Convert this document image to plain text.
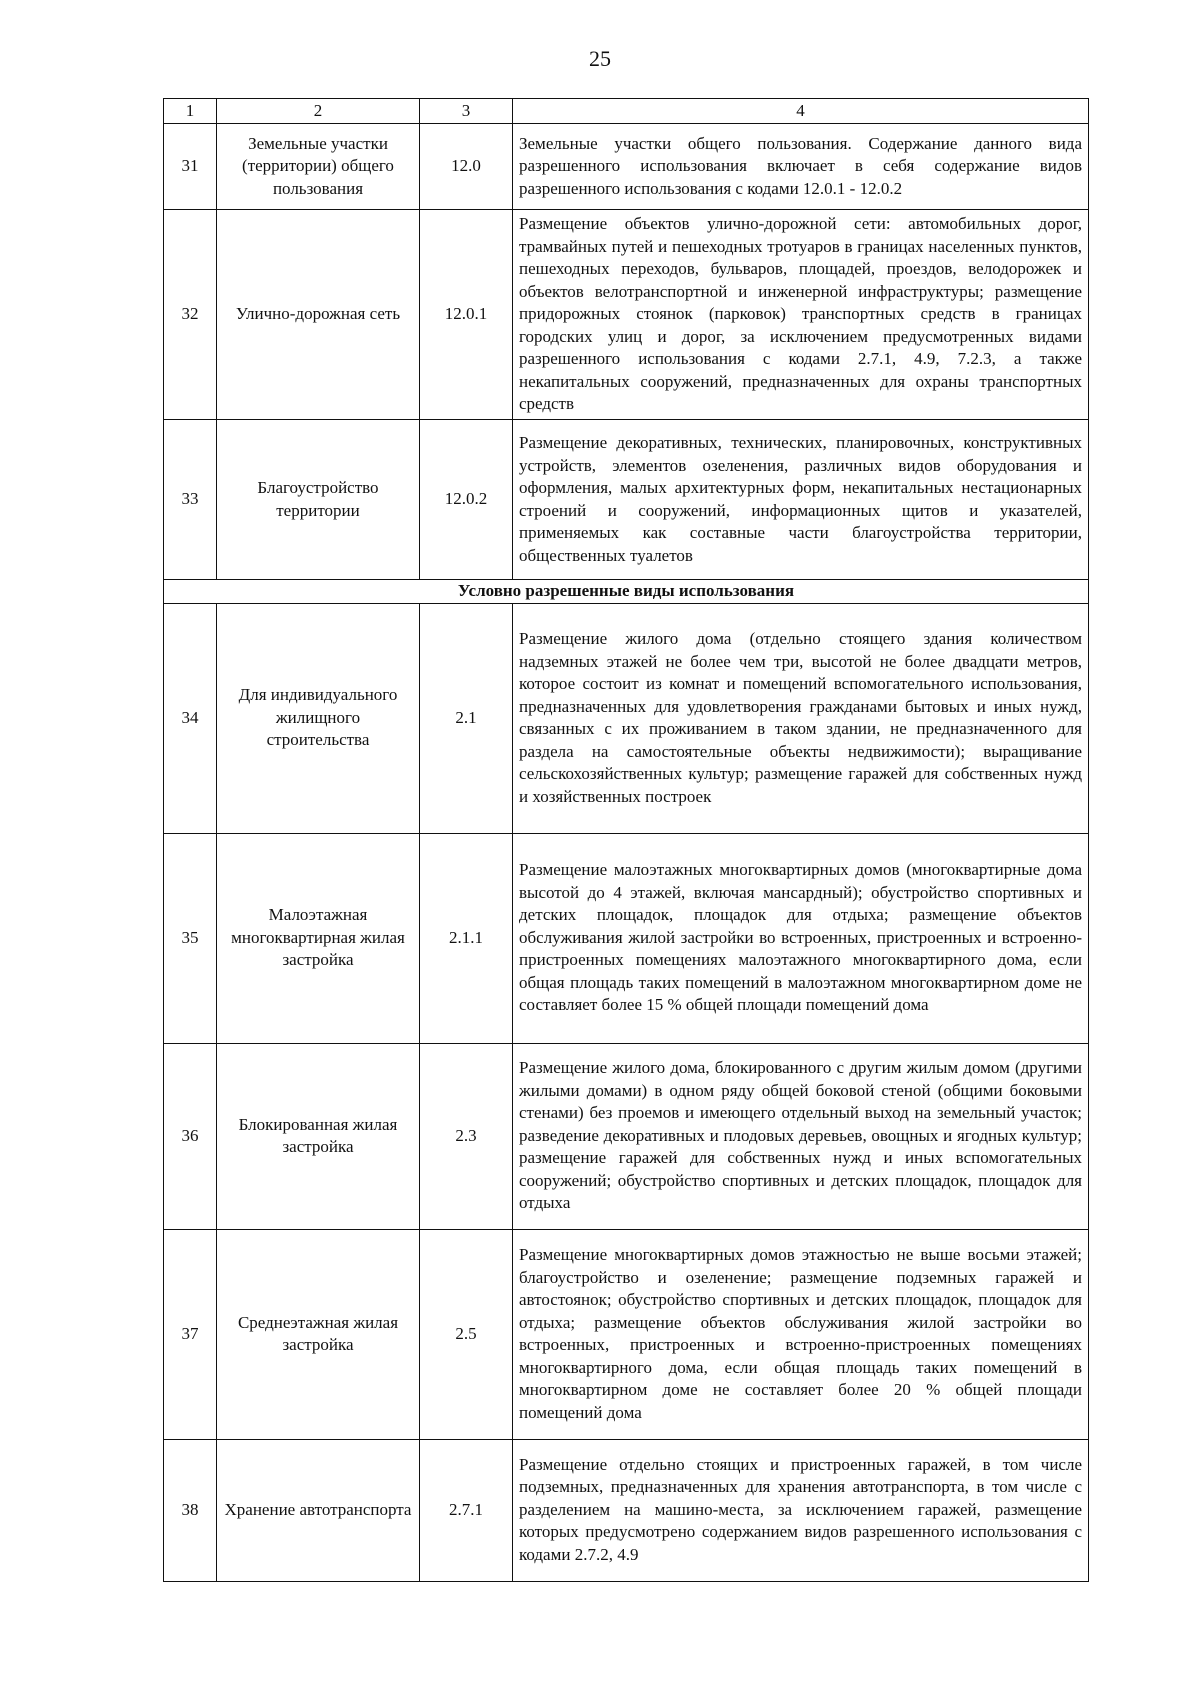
25
1	2	3	4
31	Земельные участки (территории) общего пользования	12.0	Земельные участки общего пользования. Содержание данного вида разрешенного использования включает в себя содержание видов разрешенного использования с кодами 12.0.1 - 12.0.2
32	Улично-дорожная сеть	12.0.1	Размещение объектов улично-дорожной сети: автомобильных дорог, трамвайных путей и пешеходных тротуаров в границах населенных пунктов, пешеходных переходов, бульваров, площадей, проездов, велодорожек и объектов велотранспортной и инженерной инфраструктуры; размещение придорожных стоянок (парковок) транспортных средств в границах городских улиц и дорог, за исключением предусмотренных видами разрешенного использования с кодами 2.7.1, 4.9, 7.2.3, а также некапитальных сооружений, предназначенных для охраны транспортных средств
33	Благоустройство территории	12.0.2	Размещение декоративных, технических, планировочных, конструктивных устройств, элементов озеленения, различных видов оборудования и оформления, малых архитектурных форм, некапитальных нестационарных строений и сооружений, информационных щитов и указателей, применяемых как составные части благоустройства территории, общественных туалетов
Условно разрешенные виды использования			
34	Для индивидуального жилищного строительства	2.1	Размещение жилого дома (отдельно стоящего здания количеством надземных этажей не более чем три, высотой не более двадцати метров, которое состоит из комнат и помещений вспомогательного использования, предназначенных для удовлетворения гражданами бытовых и иных нужд, связанных с их проживанием в таком здании, не предназначенного для раздела на самостоятельные объекты недвижимости); выращивание сельскохозяйственных культур; размещение гаражей для собственных нужд и хозяйственных построек
35	Малоэтажная многоквартирная жилая застройка	2.1.1	Размещение малоэтажных многоквартирных домов (многоквартирные дома высотой до 4 этажей, включая мансардный); обустройство спортивных и детских площадок, площадок для отдыха; размещение объектов обслуживания жилой застройки во встроенных, пристроенных и встроенно-пристроенных помещениях малоэтажного многоквартирного дома, если общая площадь таких помещений в малоэтажном многоквартирном доме не составляет более 15 % общей площади помещений дома
36	Блокированная жилая застройка	2.3	Размещение жилого дома, блокированного с другим жилым домом (другими жилыми домами) в одном ряду общей боковой стеной (общими боковыми стенами) без проемов и имеющего отдельный выход на земельный участок; разведение декоративных и плодовых деревьев, овощных и ягодных культур; размещение гаражей для собственных нужд и иных вспомогательных сооружений; обустройство спортивных и детских площадок, площадок для отдыха
37	Среднеэтажная жилая застройка	2.5	Размещение многоквартирных домов этажностью не выше восьми этажей; благоустройство и озеленение; размещение подземных гаражей и автостоянок; обустройство спортивных и детских площадок, площадок для отдыха; размещение объектов обслуживания жилой застройки во встроенных, пристроенных и встроенно-пристроенных помещениях многоквартирного дома, если общая площадь таких помещений в многоквартирном доме не составляет более 20 % общей площади помещений дома
38	Хранение автотранспорта	2.7.1	Размещение отдельно стоящих и пристроенных гаражей, в том числе подземных, предназначенных для хранения автотранспорта, в том числе с разделением на машино-места, за исключением гаражей, размещение которых предусмотрено содержанием видов разрешенного использования с кодами 2.7.2, 4.9
